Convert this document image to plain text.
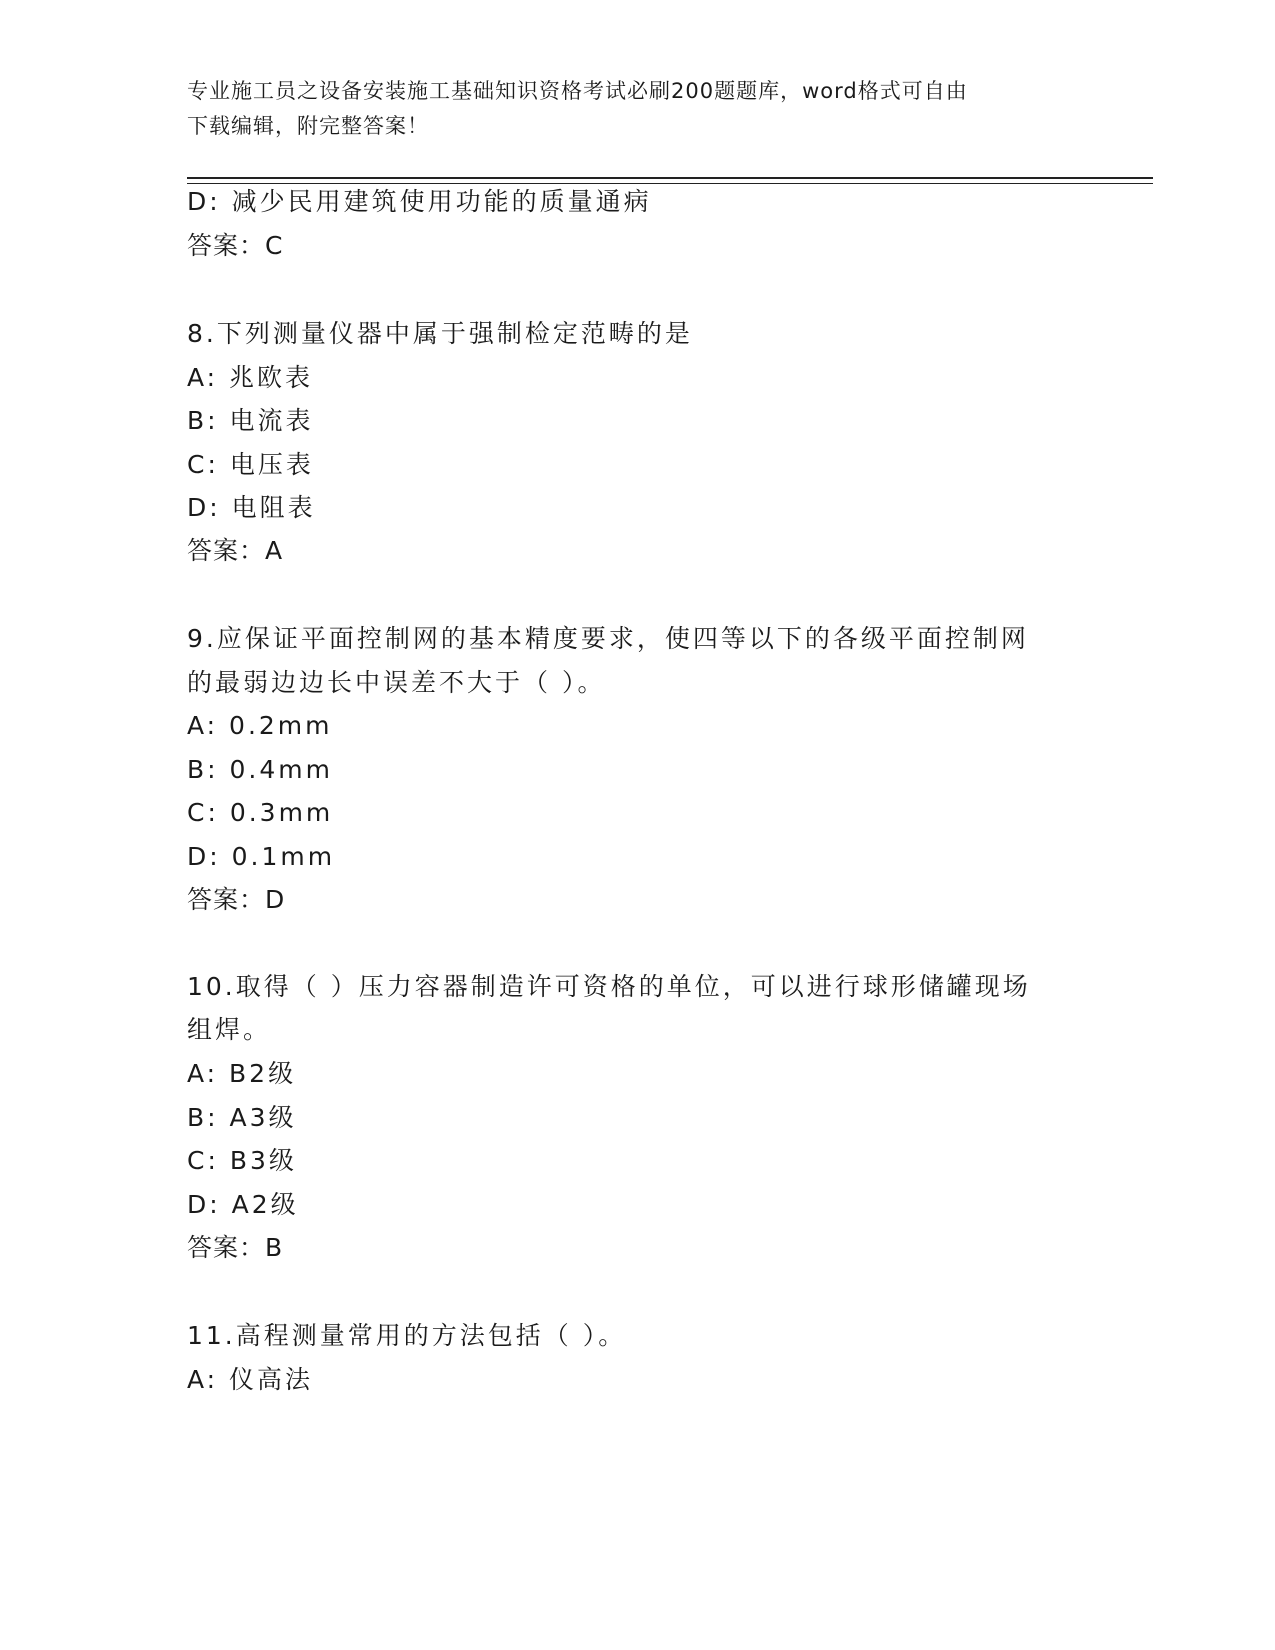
专业施工员之设备安装施工基础知识资格考试必刷200题题库，word格式可自由
下载编辑，附完整答案！
D: 减少民用建筑使用功能的质量通病
答案：C
8.下列测量仪器中属于强制检定范畴的是
A: 兆欧表
B: 电流表
C: 电压表
D: 电阻表
答案：A
9.应保证平面控制网的基本精度要求，使四等以下的各级平面控制网
的最弱边边长中误差不大于（ ）。
A: 0.2mm
B: 0.4mm
C: 0.3mm
D: 0.1mm
答案：D
10.取得（ ）压力容器制造许可资格的单位，可以进行球形储罐现场
组焊。
A: B2级
B: A3级
C: B3级
D: A2级
答案：B
11.高程测量常用的方法包括（ ）。
A: 仪高法
